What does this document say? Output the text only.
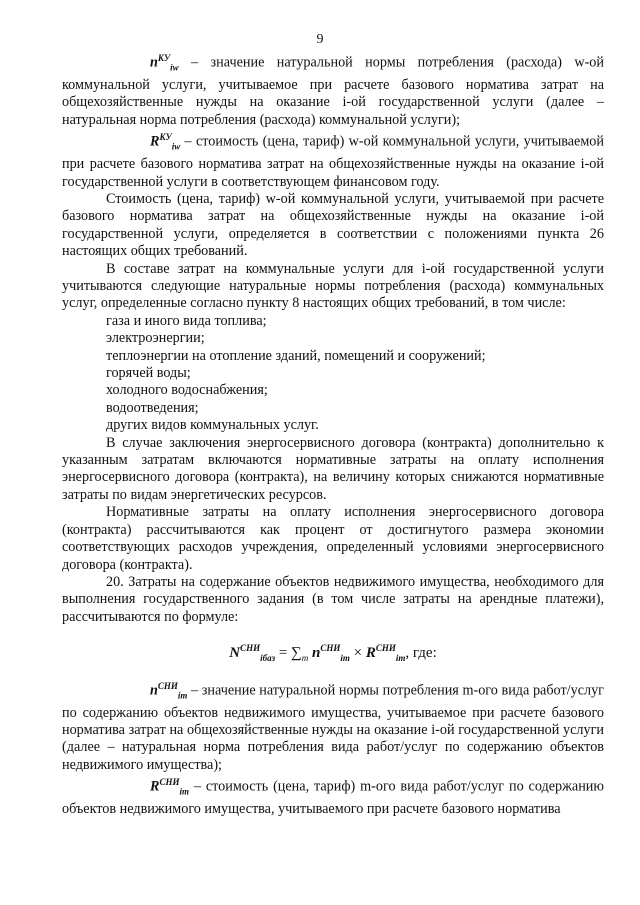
9

$n^{КУ}_{iw}$ – значение натуральной нормы потребления (расхода) w-ой коммунальной услуги, учитываемое при расчете базового норматива затрат на общехозяйственные нужды на оказание i-ой государственной услуги (далее – натуральная норма потребления (расхода) коммунальной услуги);

$R^{КУ}_{iw}$ – стоимость (цена, тариф) w-ой коммунальной услуги, учитываемой при расчете базового норматива затрат на общехозяйственные нужды на оказание i-ой государственной услуги в соответствующем финансовом году.

Стоимость (цена, тариф) w-ой коммунальной услуги, учитываемой при расчете базового норматива затрат на общехозяйственные нужды на оказание i-ой государственной услуги, определяется в соответствии с положениями пункта 26 настоящих общих требований.

В составе затрат на коммунальные услуги для i-ой государственной услуги учитываются следующие натуральные нормы потребления (расхода) коммунальных услуг, определенные согласно пункту 8 настоящих общих требований, в том числе:

газа и иного вида топлива;

электроэнергии;

теплоэнергии на отопление зданий, помещений и сооружений;

горячей воды;

холодного водоснабжения;

водоотведения;

других видов коммунальных услуг.

В случае заключения энергосервисного договора (контракта) дополнительно к указанным затратам включаются нормативные затраты на оплату исполнения энергосервисного договора (контракта), на величину которых снижаются нормативные затраты по видам энергетических ресурсов.

Нормативные затраты на оплату исполнения энергосервисного договора (контракта) рассчитываются как процент от достигнутого размера экономии соответствующих расходов учреждения, определенный условиями энергосервисного договора (контракта).

20. Затраты на содержание объектов недвижимого имущества, необходимого для выполнения государственного задания (в том числе затраты на арендные платежи), рассчитываются по формуле:

$N^{СНИ}_{iбаз} = \sum_m$ $n^{СНИ}_{im} \times R^{СНИ}_{im}$, где:

$n^{СНИ}_{im}$ – значение натуральной нормы потребления m-ого вида работ/услуг по содержанию объектов недвижимого имущества, учитываемое при расчете базового норматива затрат на общехозяйственные нужды на оказание i-ой государственной услуги (далее – натуральная норма потребления вида работ/услуг по содержанию объектов недвижимого имущества);

$R^{СНИ}_{im}$ – стоимость (цена, тариф) m-ого вида работ/услуг по содержанию объектов недвижимого имущества, учитываемого при расчете базового норматива
